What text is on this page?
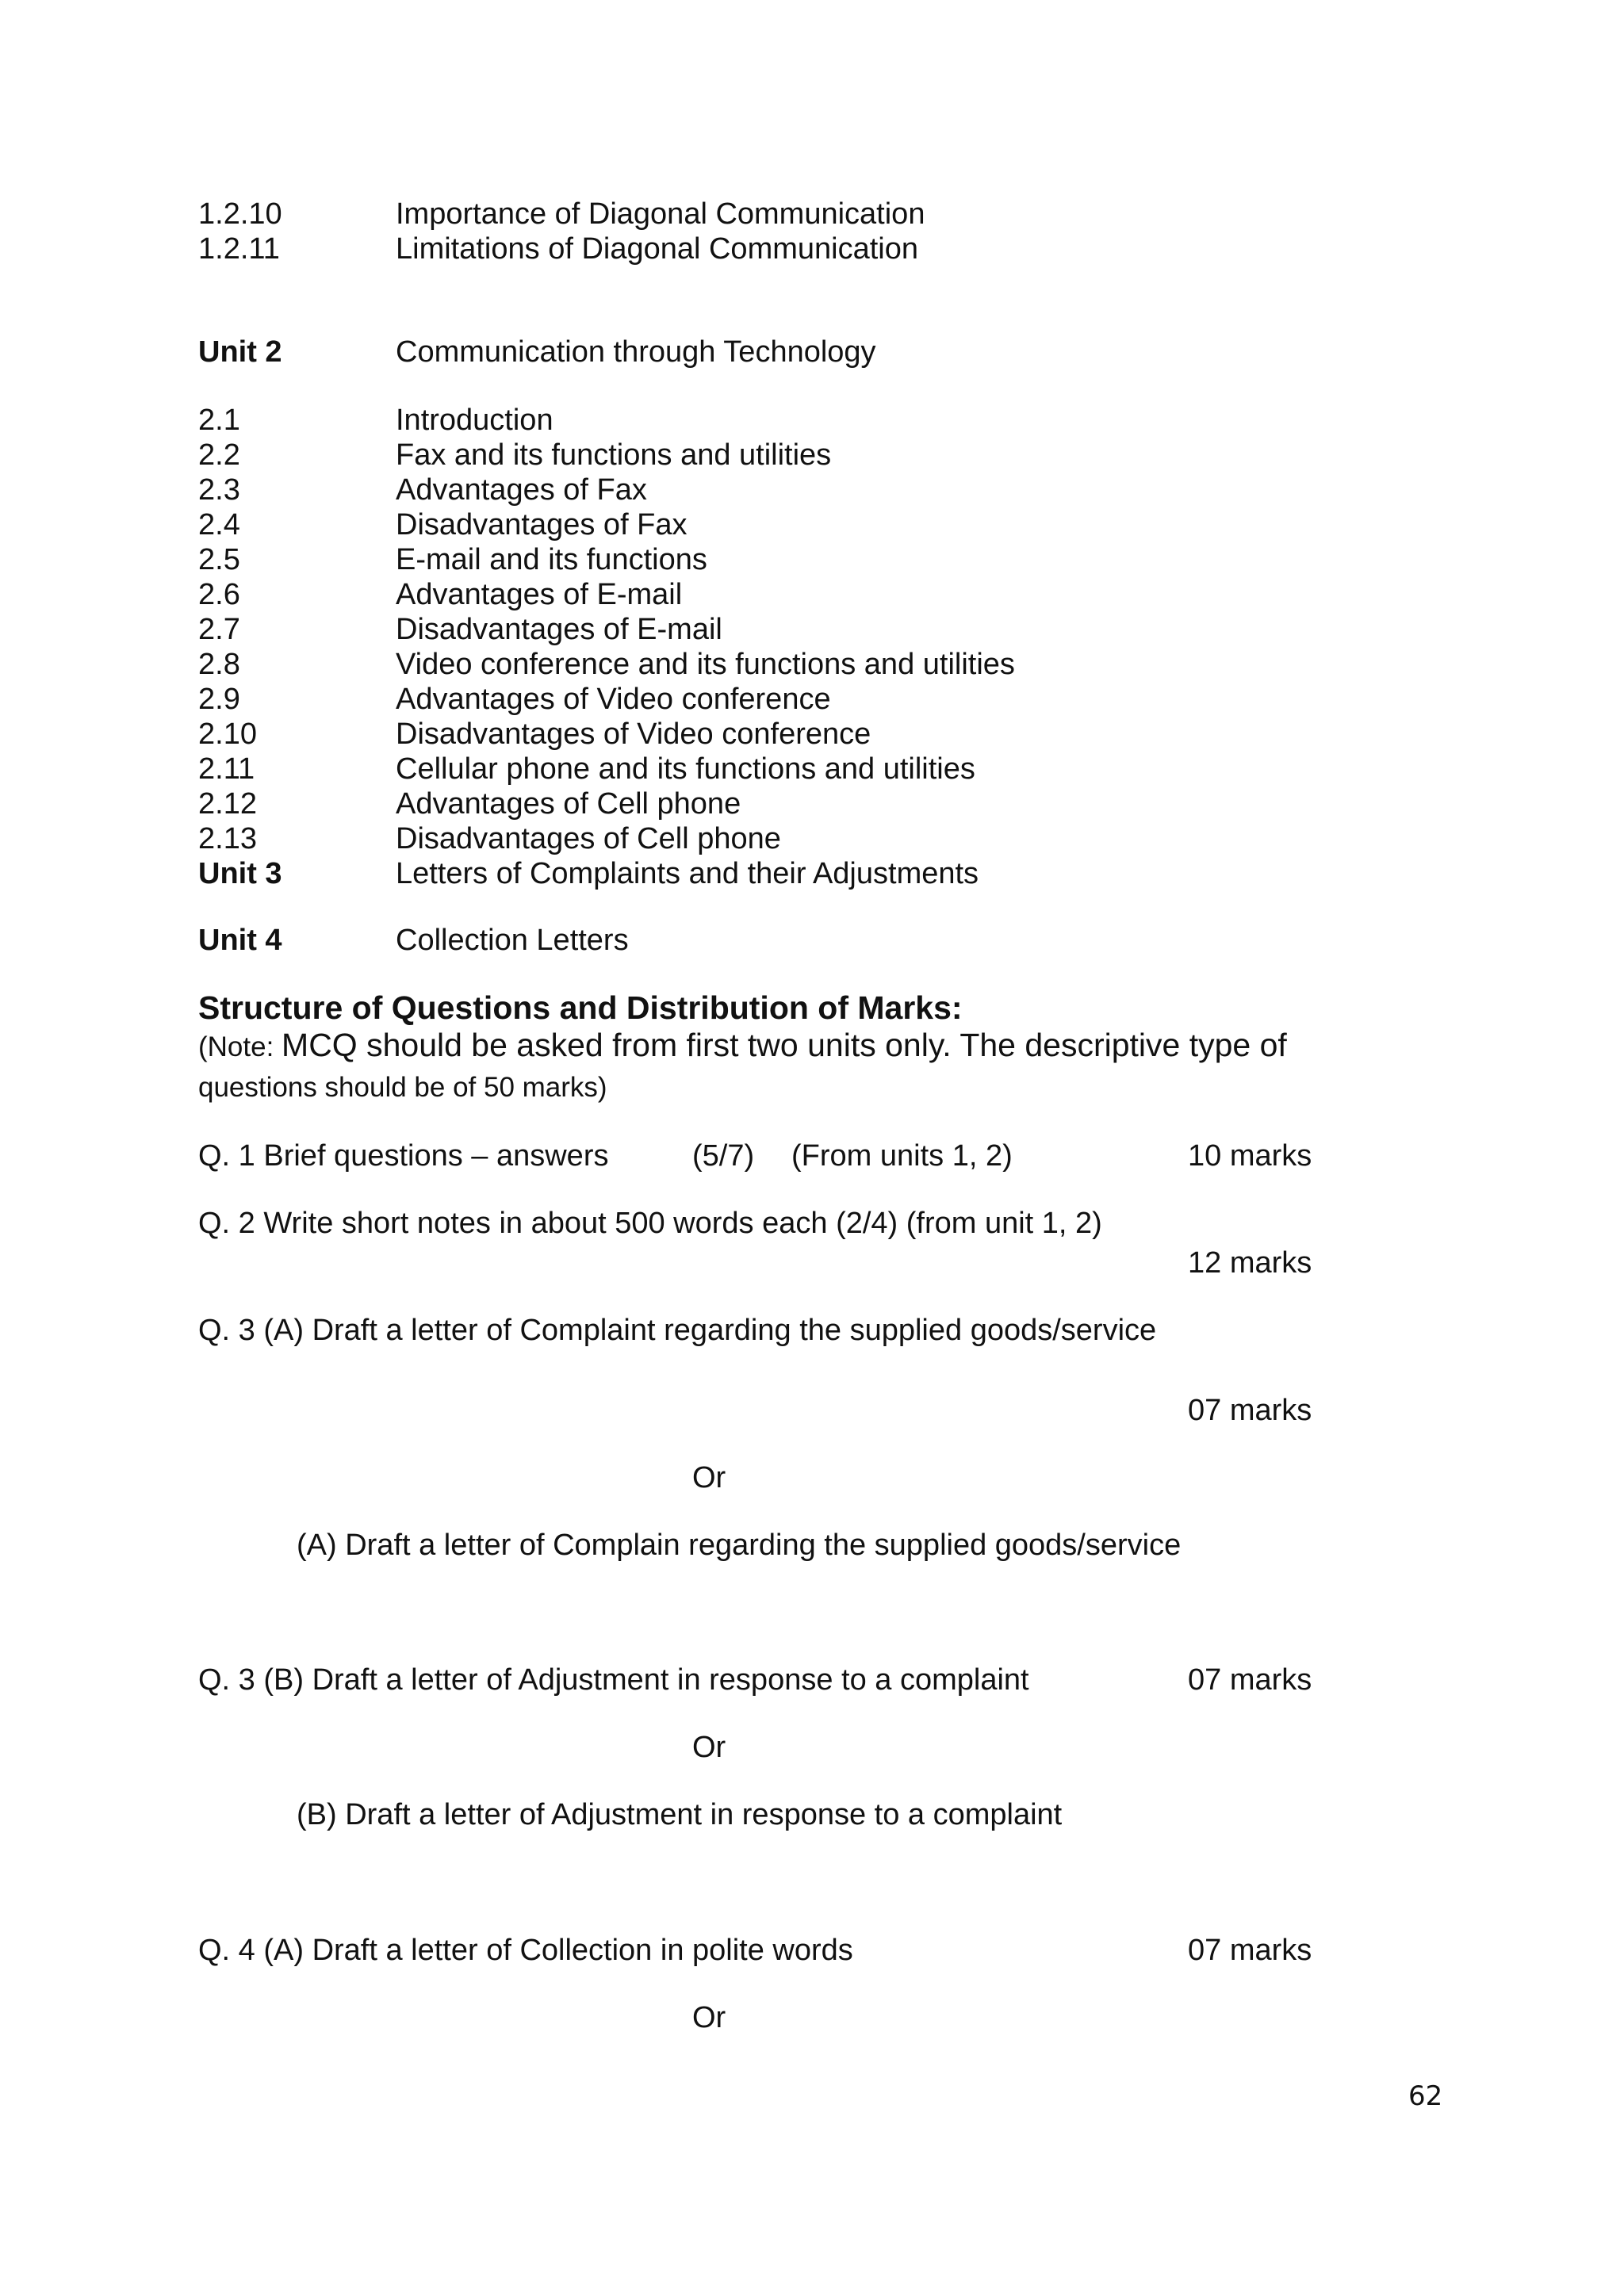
1.2.10	Importance of Diagonal Communication
1.2.11	Limitations of Diagonal Communication
Unit 2	Communication through Technology
2.1	Introduction
2.2	Fax and its functions and utilities
2.3	Advantages of Fax
2.4	Disadvantages of Fax
2.5	E-mail and its functions
2.6	Advantages of E-mail
2.7	Disadvantages of E-mail
2.8	Video conference and its functions and utilities
2.9	Advantages of Video conference
2.10	Disadvantages of Video conference
2.11	Cellular phone and its functions and utilities
2.12	Advantages of Cell phone
2.13	Disadvantages of Cell phone
Unit 3	Letters of Complaints and their Adjustments
Unit 4	Collection Letters
Structure of Questions and Distribution of Marks:
(Note: MCQ should be asked from first two units only. The descriptive type of
questions should be of 50 marks)
Q. 1 Brief questions – answers	(5/7) (From units 1, 2)	10 marks
Q. 2 Write short notes in about 500 words each (2/4) (from unit 1, 2)
12 marks
Q. 3 (A) Draft a letter of Complaint regarding the supplied goods/service
07 marks
Or
(A) Draft a letter of Complain regarding the supplied goods/service
Q. 3 (B) Draft a letter of Adjustment in response to a complaint	07 marks
Or
(B) Draft a letter of Adjustment in response to a complaint
Q. 4 (A) Draft a letter of Collection in polite words	07 marks
Or
62
